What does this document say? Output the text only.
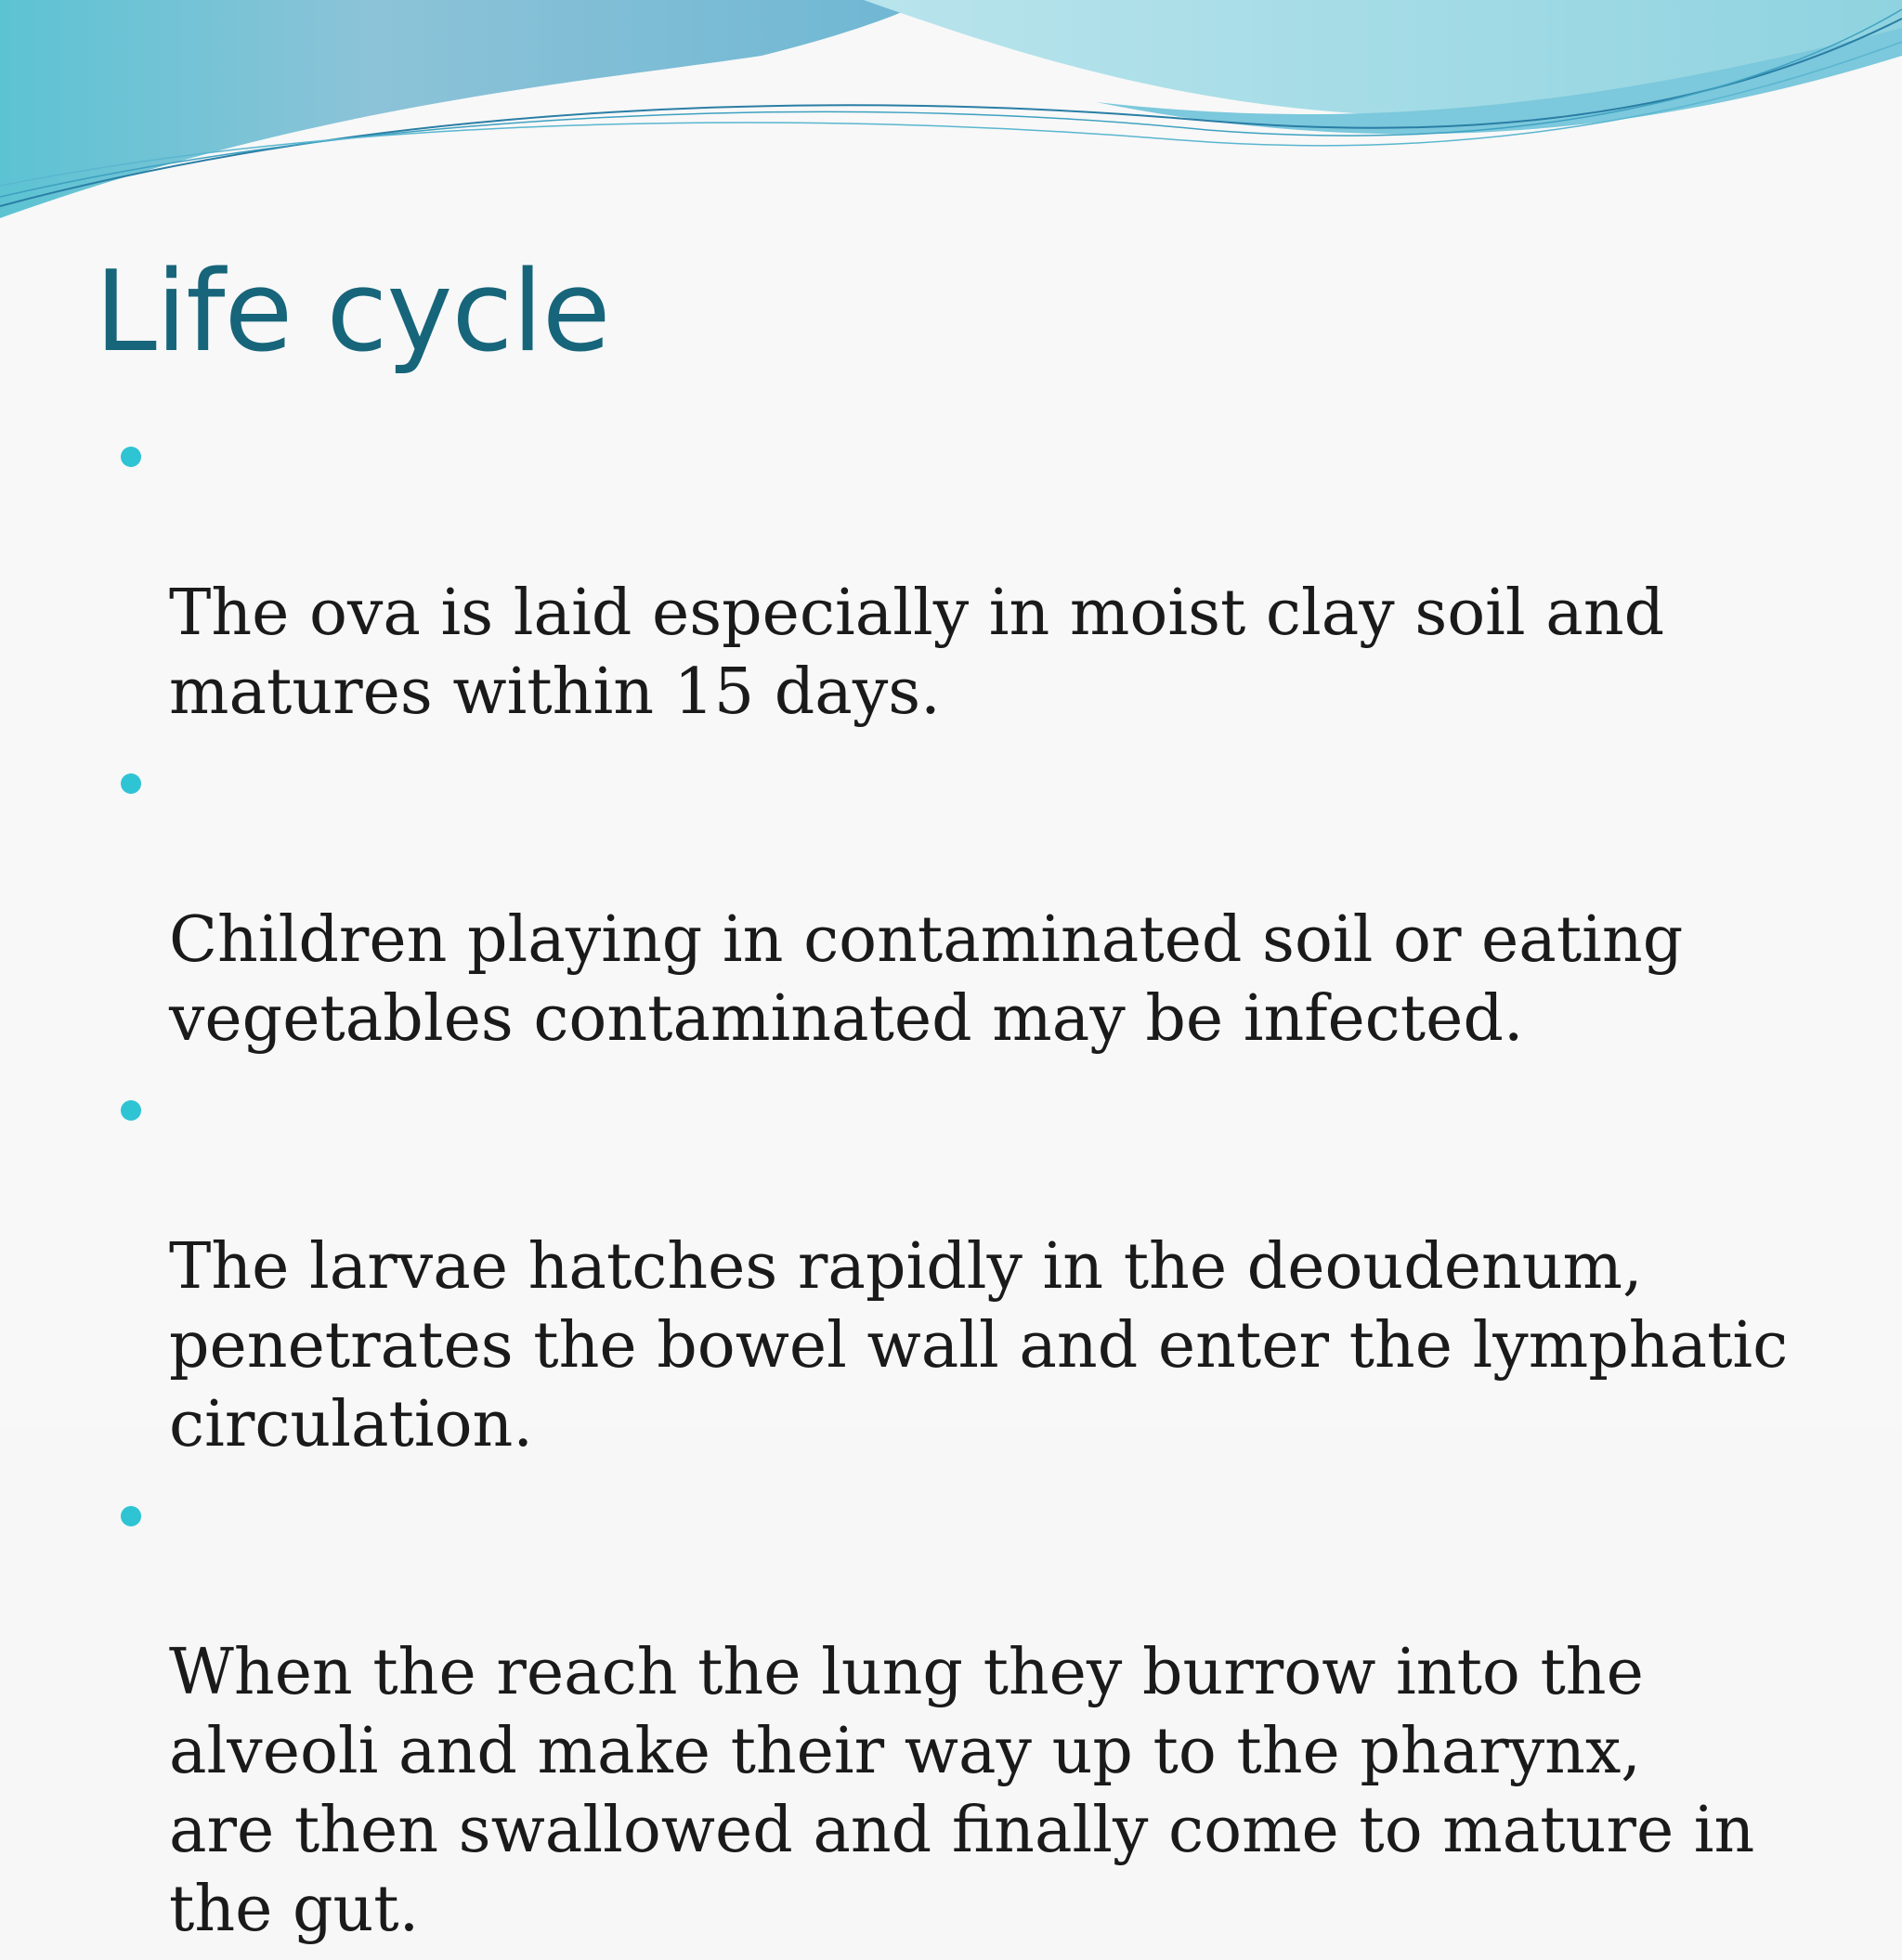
Life cycle

The ova is laid especially in moist clay soil and
matures within 15 days.

Children playing in contaminated soil or eating
vegetables contaminated may be infected.

The larvae hatches rapidly in the deoudenum,
penetrates the bowel wall and enter the lymphatic
circulation.

When the reach the lung they burrow into the
alveoli and make their way up to the pharynx,
are then swallowed and finally come to mature in
the gut.
